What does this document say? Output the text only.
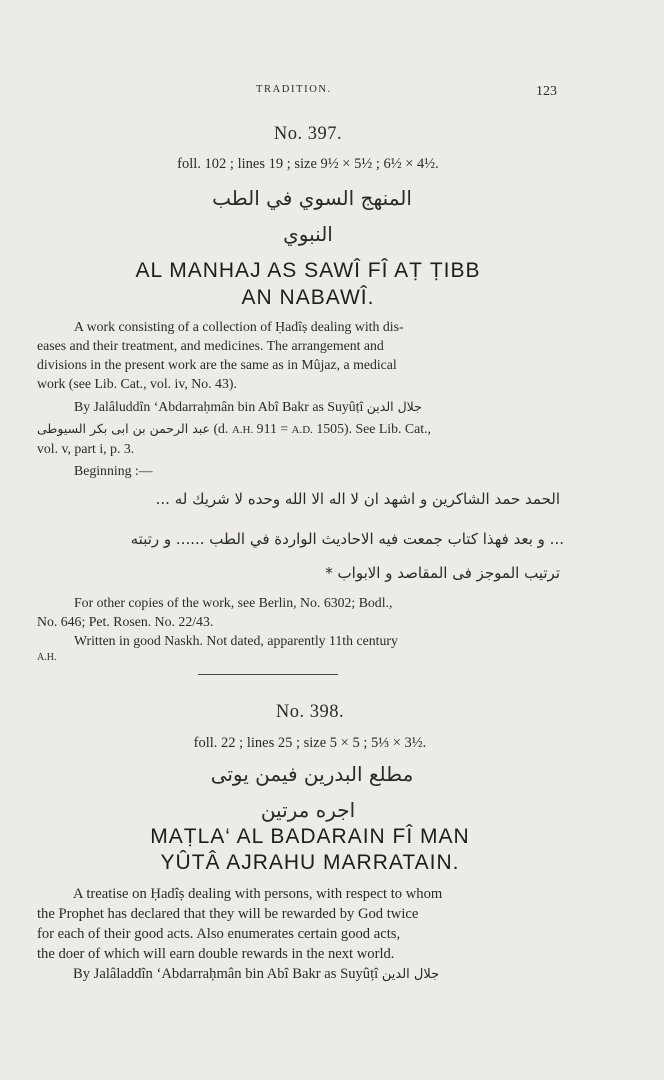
TRADITION.	123
No. 397.
foll. 102 ; lines 19 ; size 9½ × 5½ ; 6½ × 4½.
المنهج السوي في الطب
النبوي
AL MANHAJ AS SAWÎ FÎ AṬ ṬIBB
AN NABAWÎ.
A work consisting of a collection of Ḥadîṣ dealing with dis-
eases and their treatment, and medicines. The arrangement and
divisions in the present work are the same as in Mûjaz, a medical
work (see Lib. Cat., vol. iv, No. 43).
By Jalâluddîn ‘Abdarraḥmân bin Abî Bakr as Suyûṭî جلال الدين
عبد الرحمن بن ابى بكر السيوطى (d. A.H. 911 = A.D. 1505). See Lib. Cat.,
vol. v, part i, p. 3.
Beginning :—
الحمد حمد الشاكرين و اشهد ان لا اله الا الله وحده لا شريك له ...
... و بعد فهذا كتاب جمعت فيه الاحاديث الواردة في الطب ...... و رتبته
ترتيب الموجز فى المقاصد و الابواب *
For other copies of the work, see Berlin, No. 6302; Bodl.,
No. 646; Pet. Rosen. No. 22/43.
Written in good Naskh. Not dated, apparently 11th century
A.H.
No. 398.
foll. 22 ; lines 25 ; size 5 × 5 ; 5⅓ × 3½.
مطلع البدرين فيمن يوتى
اجره مرتين
MAṬLA‘ AL BADARAIN FÎ MAN
YÛTÂ AJRAHU MARRATAIN.
A treatise on Ḥadîṣ dealing with persons, with respect to whom
the Prophet has declared that they will be rewarded by God twice
for each of their good acts. Also enumerates certain good acts,
the doer of which will earn double rewards in the next world.
By Jalâladdîn ‘Abdarraḥmân bin Abî Bakr as Suyûṭî جلال الدين
